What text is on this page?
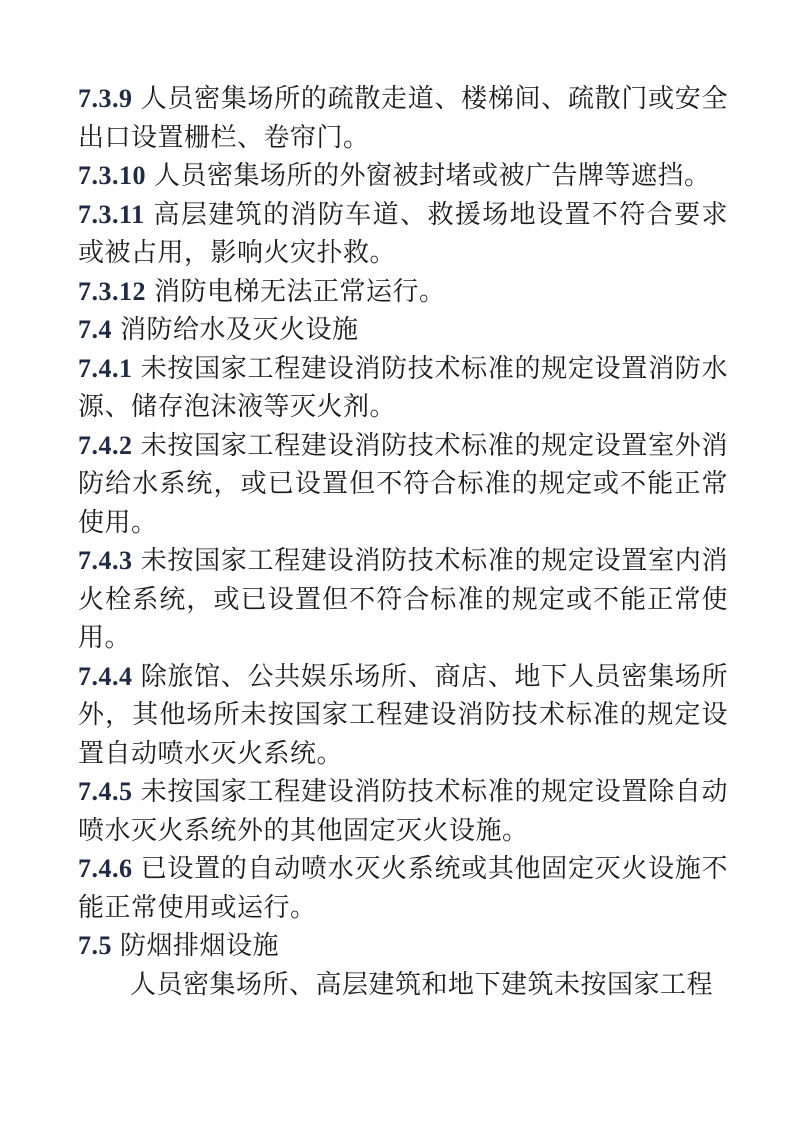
7.3.9 人员密集场所的疏散走道、楼梯间、疏散门或安全出口设置栅栏、卷帘门。

7.3.10 人员密集场所的外窗被封堵或被广告牌等遮挡。

7.3.11 高层建筑的消防车道、救援场地设置不符合要求或被占用，影响火灾扑救。

7.3.12 消防电梯无法正常运行。

7.4 消防给水及灭火设施

7.4.1 未按国家工程建设消防技术标准的规定设置消防水源、储存泡沫液等灭火剂。

7.4.2 未按国家工程建设消防技术标准的规定设置室外消防给水系统，或已设置但不符合标准的规定或不能正常使用。

7.4.3 未按国家工程建设消防技术标准的规定设置室内消火栓系统，或已设置但不符合标准的规定或不能正常使用。

7.4.4 除旅馆、公共娱乐场所、商店、地下人员密集场所外，其他场所未按国家工程建设消防技术标准的规定设置自动喷水灭火系统。

7.4.5 未按国家工程建设消防技术标准的规定设置除自动喷水灭火系统外的其他固定灭火设施。

7.4.6 已设置的自动喷水灭火系统或其他固定灭火设施不能正常使用或运行。

7.5 防烟排烟设施

人员密集场所、高层建筑和地下建筑未按国家工程
